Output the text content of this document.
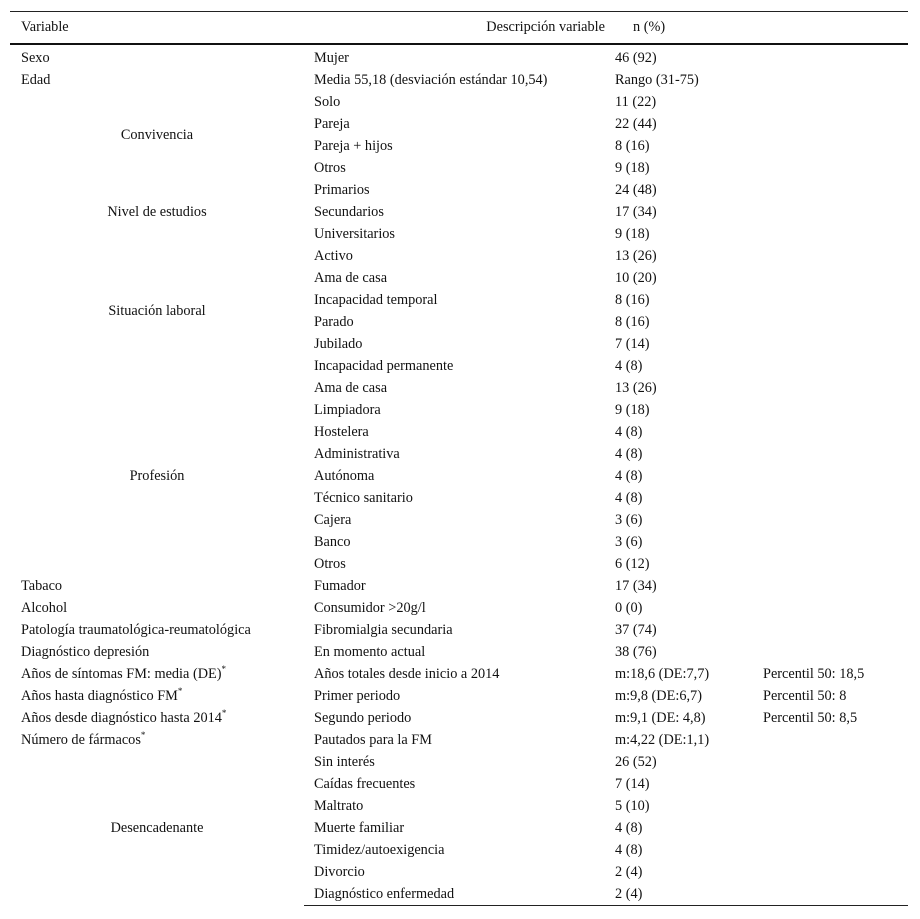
Variable	Descripción variable	n (%)	
Sexo	Mujer	46 (92)	
Edad	Media 55,18 (desviación estándar 10,54)	Rango (31-75)	
Convivencia	Solo	11 (22)	
	Pareja	22 (44)	
	Pareja + hijos	8 (16)	
	Otros	9 (18)	
Nivel de estudios	Primarios	24 (48)	
	Secundarios	17 (34)	
	Universitarios	9 (18)	
Situación laboral	Activo	13 (26)	
	Ama de casa	10 (20)	
	Incapacidad temporal	8 (16)	
	Parado	8 (16)	
	Jubilado	7 (14)	
	Incapacidad permanente	4 (8)	
Profesión	Ama de casa	13 (26)	
	Limpiadora	9 (18)	
	Hostelera	4 (8)	
	Administrativa	4 (8)	
	Autónoma	4 (8)	
	Técnico sanitario	4 (8)	
	Cajera	3 (6)	
	Banco	3 (6)	
	Otros	6 (12)	
Tabaco	Fumador	17 (34)	
Alcohol	Consumidor >20g/l	0 (0)	
Patología traumatológica-reumatológica	Fibromialgia secundaria	37 (74)	
Diagnóstico depresión	En momento actual	38 (76)	
Años de síntomas FM: media (DE)*	Años totales desde inicio a 2014	m:18,6 (DE:7,7)	Percentil 50: 18,5
Años hasta diagnóstico FM*	Primer periodo	m:9,8 (DE:6,7)	Percentil 50: 8
Años desde diagnóstico hasta 2014*	Segundo periodo	m:9,1 (DE: 4,8)	Percentil 50: 8,5
Número de fármacos*	Pautados para la FM	m:4,22 (DE:1,1)	
Desencadenante	Sin interés	26 (52)	
	Caídas frecuentes	7 (14)	
	Maltrato	5 (10)	
	Muerte familiar	4 (8)	
	Timidez/autoexigencia	4 (8)	
	Divorcio	2 (4)	
	Diagnóstico enfermedad	2 (4)	
